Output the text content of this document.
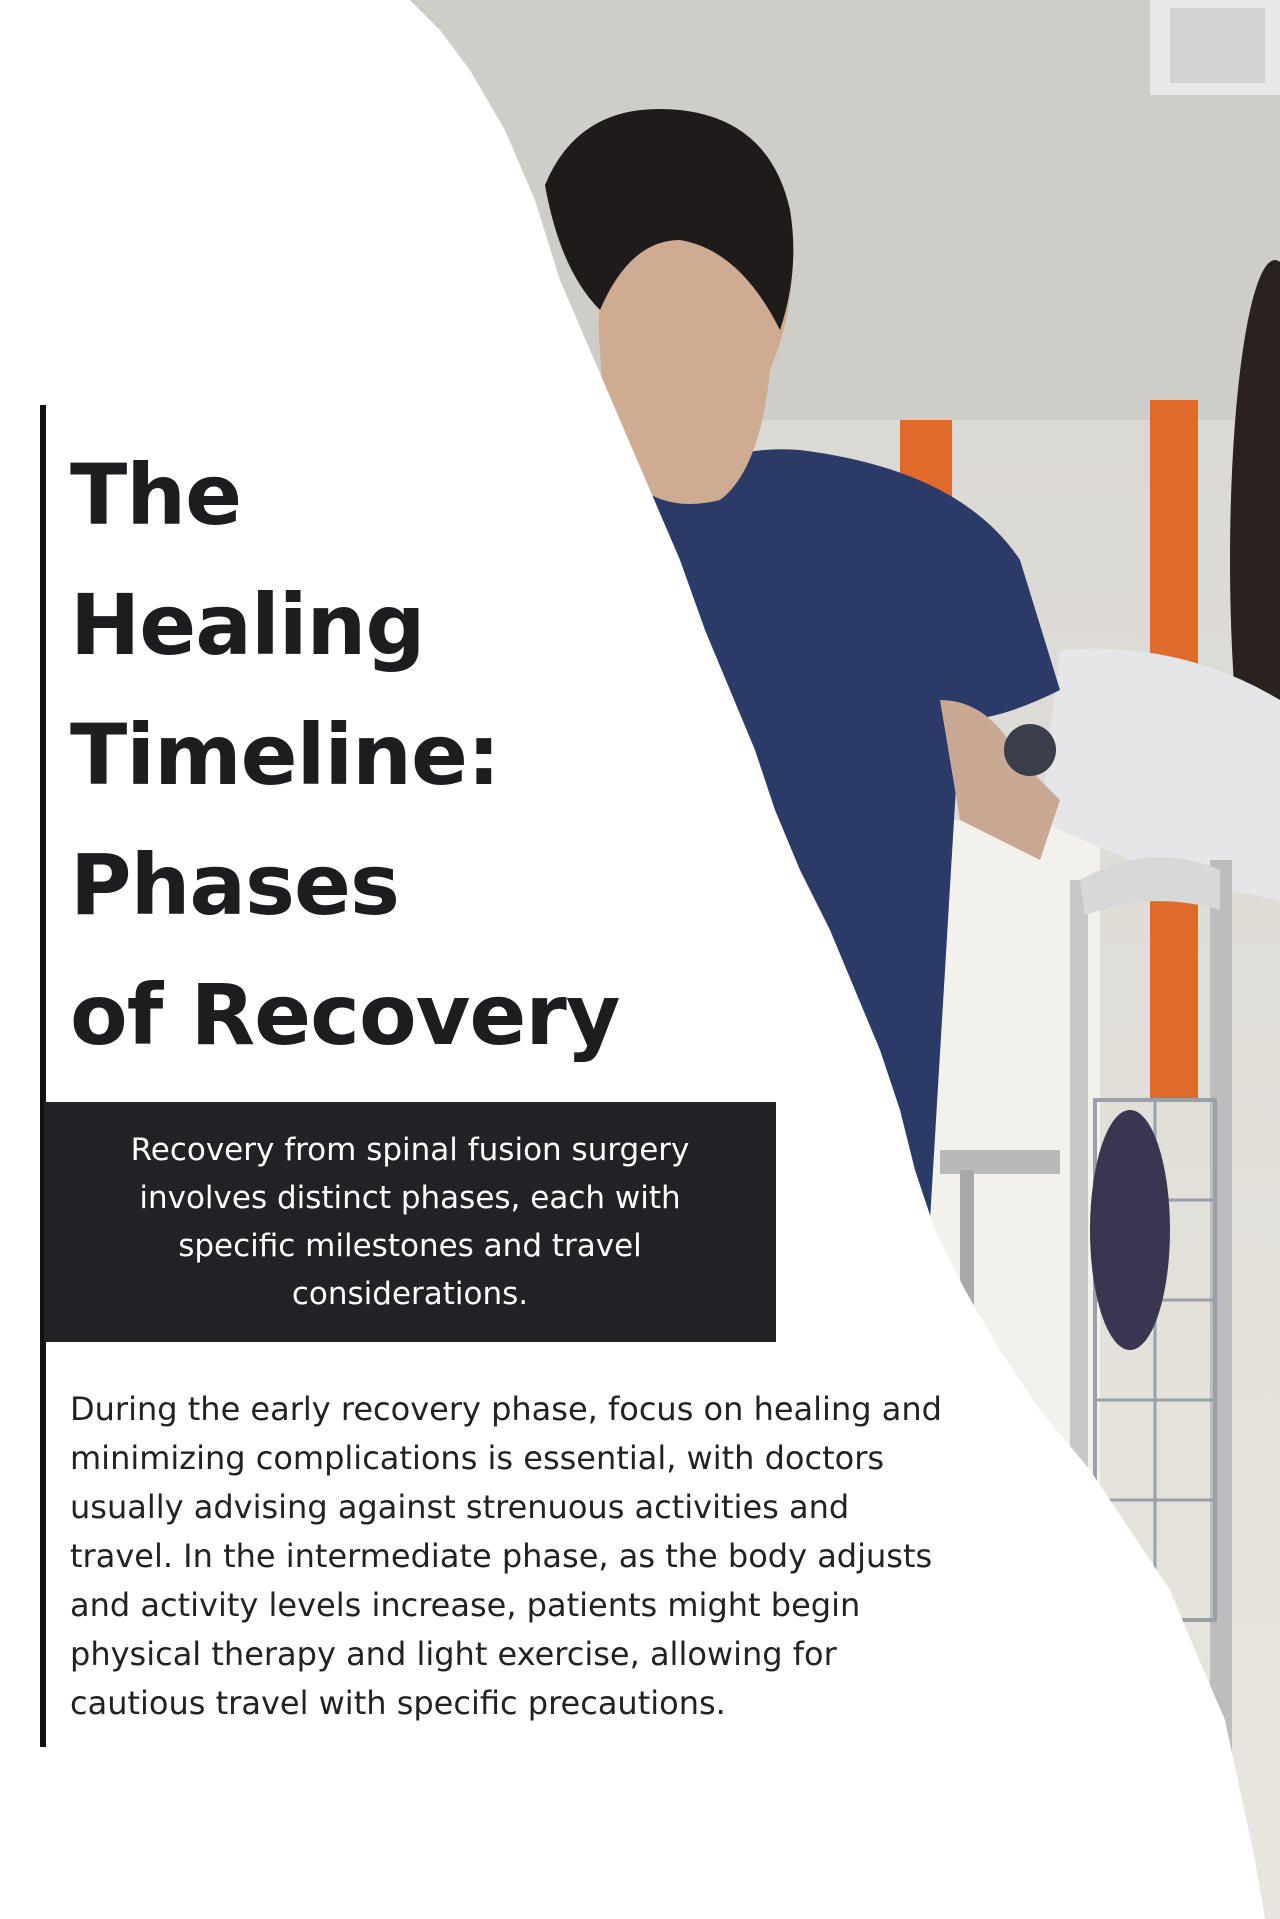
The
Healing
Timeline:
Phases
of Recovery

Recovery from spinal fusion surgery involves distinct phases, each with specific milestones and travel considerations.

During the early recovery phase, focus on healing and minimizing complications is essential, with doctors usually advising against strenuous activities and travel. In the intermediate phase, as the body adjusts and activity levels increase, patients might begin physical therapy and light exercise, allowing for cautious travel with specific precautions.
